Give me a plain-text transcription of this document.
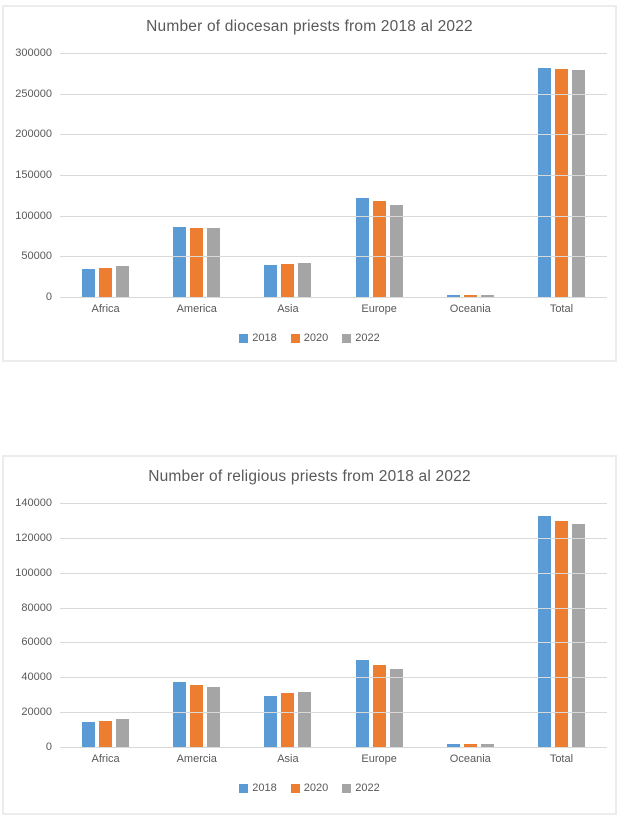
Number of diocesan priests from 2018 al 2022
300000
250000
200000
150000
100000
50000
0
Africa	America	Asia	Europe	Oceania	Total
2018 2020 2022
Number of religious priests from 2018 al 2022
140000
120000
100000
80000
60000
40000
20000
0
Africa	Amercia	Asia	Europe	Oceania	Total
2018 2020 2022
